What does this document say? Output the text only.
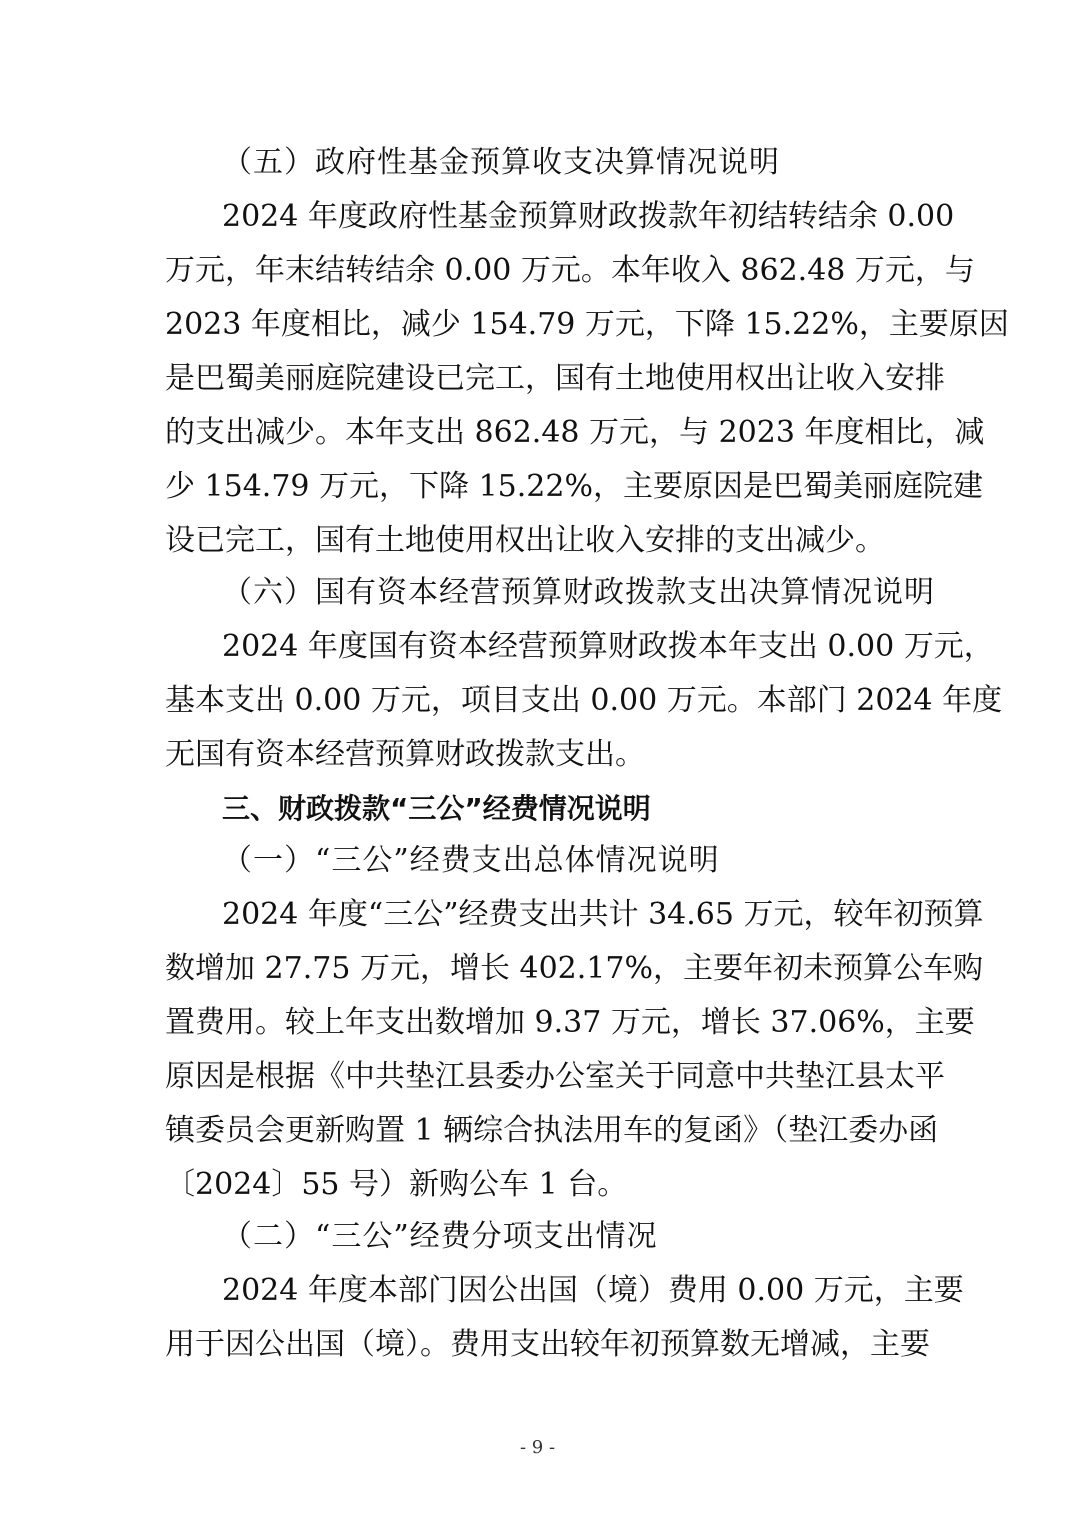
（五）政府性基金预算收支决算情况说明

2024 年度政府性基金预算财政拨款年初结转结余 0.00

万元，年末结转结余 0.00 万元。本年收入 862.48 万元，与

2023 年度相比，减少 154.79 万元，下降 15.22%，主要原因

是巴蜀美丽庭院建设已完工，国有土地使用权出让收入安排

的支出减少。本年支出 862.48 万元，与 2023 年度相比，减

少 154.79 万元，下降 15.22%，主要原因是巴蜀美丽庭院建

设已完工，国有土地使用权出让收入安排的支出减少。

（六）国有资本经营预算财政拨款支出决算情况说明

2024 年度国有资本经营预算财政拨本年支出 0.00 万元，

基本支出 0.00 万元，项目支出 0.00 万元。本部门 2024 年度

无国有资本经营预算财政拨款支出。

三、财政拨款“三公”经费情况说明

（一）“三公”经费支出总体情况说明

2024 年度“三公”经费支出共计 34.65 万元，较年初预算

数增加 27.75 万元，增长 402.17%，主要年初未预算公车购

置费用。较上年支出数增加 9.37 万元，增长 37.06%，主要

原因是根据《中共垫江县委办公室关于同意中共垫江县太平

镇委员会更新购置 1 辆综合执法用车的复函》（垫江委办函

〔2024〕55 号）新购公车 1 台。

（二）“三公”经费分项支出情况

2024 年度本部门因公出国（境）费用 0.00 万元，主要

用于因公出国（境）。费用支出较年初预算数无增减，主要

- 9 -
